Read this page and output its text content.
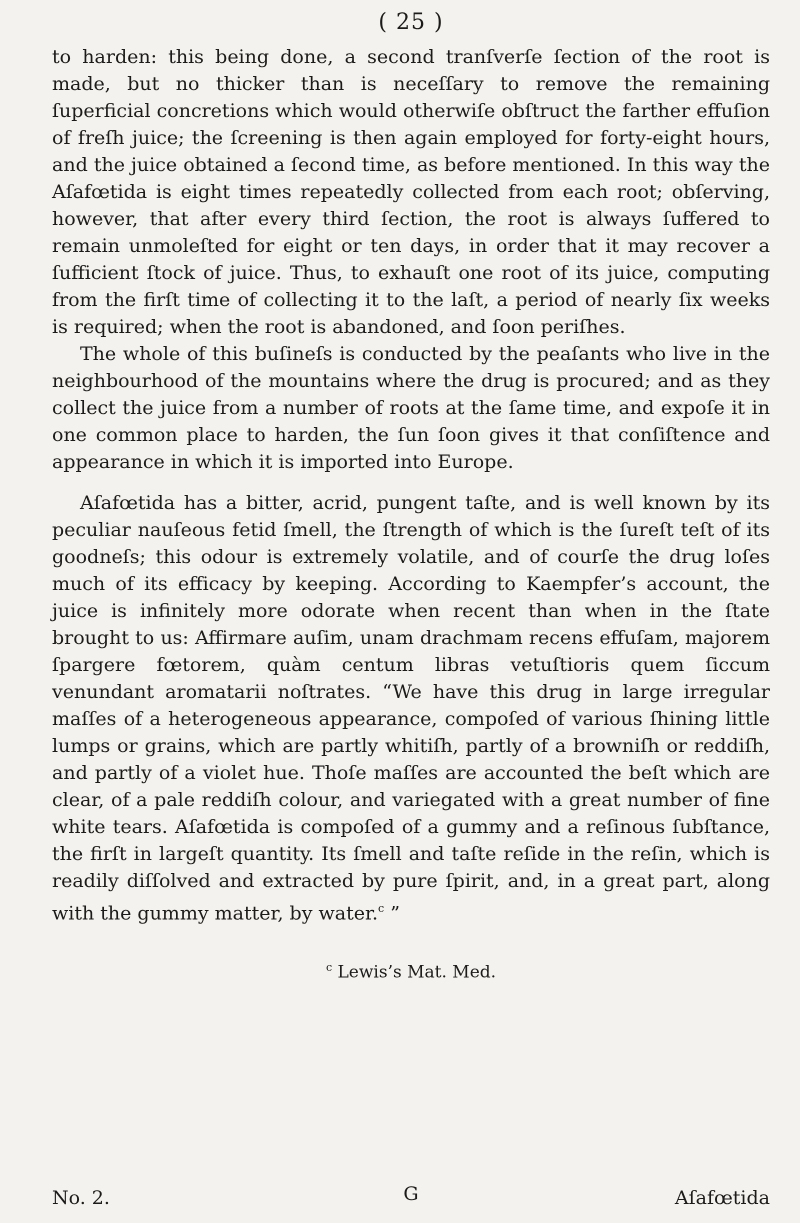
( 25 )

to harden: this being done, a second tranſverſe ſection of the root is made, but no thicker than is neceſſary to remove the remaining ſuperficial concretions which would otherwiſe obſtruct the farther effuſion of freſh juice; the ſcreening is then again employed for forty-eight hours, and the juice obtained a ſecond time, as before mentioned. In this way the Aſafœtida is eight times repeatedly collected from each root; obſerving, however, that after every third ſection, the root is always ſuffered to remain unmoleſted for eight or ten days, in order that it may recover a ſufficient ſtock of juice. Thus, to exhauſt one root of its juice, computing from the firſt time of collecting it to the laſt, a period of nearly ſix weeks is required; when the root is abandoned, and ſoon periſhes.

The whole of this buſineſs is conducted by the peaſants who live in the neighbourhood of the mountains where the drug is procured; and as they collect the juice from a number of roots at the ſame time, and expoſe it in one common place to harden, the ſun ſoon gives it that conſiſtence and appearance in which it is imported into Europe.

Aſafœtida has a bitter, acrid, pungent taſte, and is well known by its peculiar nauſeous fetid ſmell, the ſtrength of which is the ſureſt teſt of its goodneſs; this odour is extremely volatile, and of courſe the drug loſes much of its efficacy by keeping. According to Kaempfer’s account, the juice is infinitely more odorate when recent than when in the ſtate brought to us: Affirmare auſim, unam drachmam recens effuſam, majorem ſpargere fœtorem, quàm centum libras vetuſtioris quem ſiccum venundant aromatarii noſtrates. “We have this drug in large irregular maſſes of a heterogeneous appearance, compoſed of various ſhining little lumps or grains, which are partly whitiſh, partly of a browniſh or reddiſh, and partly of a violet hue. Thoſe maſſes are accounted the beſt which are clear, of a pale reddiſh colour, and variegated with a great number of fine white tears. Aſafœtida is compoſed of a gummy and a reſinous ſubſtance, the firſt in largeſt quantity. Its ſmell and taſte reſide in the reſin, which is readily diſſolved and extracted by pure ſpirit, and, in a great part, along with the gummy matter, by water.$^c$ ”

$^c$ Lewis’s Mat. Med.
No. 2.	G	Aſafœtida
